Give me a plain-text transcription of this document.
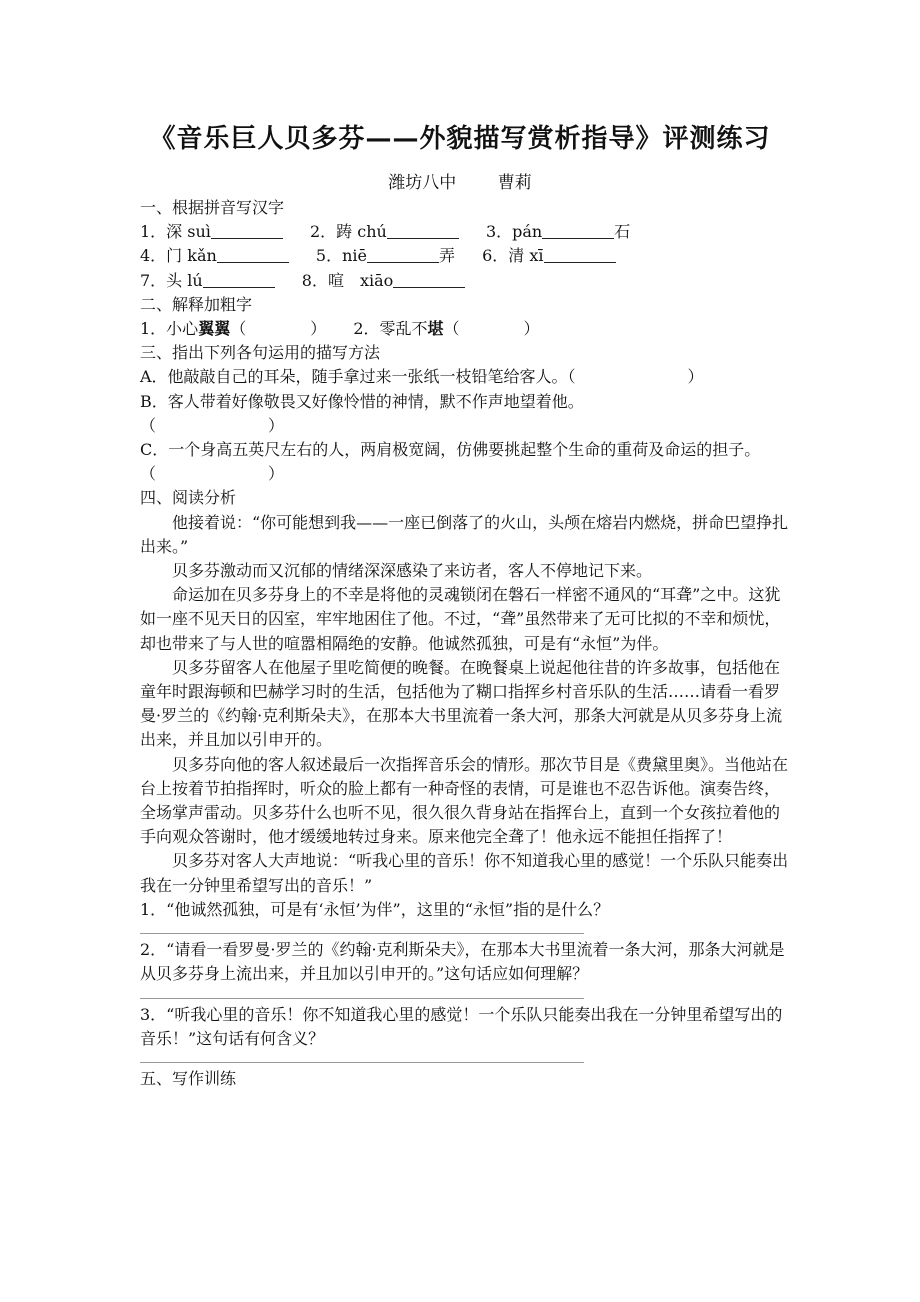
《音乐巨人贝多芬——外貌描写赏析指导》评测练习
潍坊八中 曹莉
一、根据拼音写汉字
1．深 suì	2．踌 chú	3．pán	石
4．门 kǎn	5．niē	弄 6．清 xī
7．头 lú	8．喧　xiāo
二、解释加粗字
1．小心翼翼（　　　　） 2．零乱不堪（　　　　）
三、指出下列各句运用的描写方法
A．他敲敲自己的耳朵，随手拿过来一张纸一枝铅笔给客人。（　　　　　　　）
B．客人带着好像敬畏又好像怜惜的神情，默不作声地望着他。
（　　　　　　　）
C．一个身高五英尺左右的人，两肩极宽阔，仿佛要挑起整个生命的重荷及命运的担子。　　（　　　　　　　）
四、阅读分析
他接着说：“你可能想到我——一座已倒落了的火山，头颅在熔岩内燃烧，拼命巴望挣扎出来。”
贝多芬激动而又沉郁的情绪深深感染了来访者，客人不停地记下来。
命运加在贝多芬身上的不幸是将他的灵魂锁闭在磐石一样密不通风的“耳聋”之中。这犹如一座不见天日的囚室，牢牢地困住了他。不过，“聋”虽然带来了无可比拟的不幸和烦忧，却也带来了与人世的喧嚣相隔绝的安静。他诚然孤独，可是有“永恒”为伴。
贝多芬留客人在他屋子里吃简便的晚餐。在晚餐桌上说起他往昔的许多故事，包括他在童年时跟海顿和巴赫学习时的生活，包括他为了糊口指挥乡村音乐队的生活……请看一看罗曼·罗兰的《约翰·克利斯朵夫》，在那本大书里流着一条大河，那条大河就是从贝多芬身上流出来，并且加以引申开的。
贝多芬向他的客人叙述最后一次指挥音乐会的情形。那次节目是《费黛里奥》。当他站在台上按着节拍指挥时，听众的脸上都有一种奇怪的表情，可是谁也不忍告诉他。演奏告终，全场掌声雷动。贝多芬什么也听不见，很久很久背身站在指挥台上，直到一个女孩拉着他的手向观众答谢时，他才缓缓地转过身来。原来他完全聋了！他永远不能担任指挥了！
贝多芬对客人大声地说：“听我心里的音乐！你不知道我心里的感觉！一个乐队只能奏出我在一分钟里希望写出的音乐！”
1．“他诚然孤独，可是有‘永恒’为伴”，这里的“永恒”指的是什么？
2．“请看一看罗曼·罗兰的《约翰·克利斯朵夫》，在那本大书里流着一条大河，那条大河就是从贝多芬身上流出来，并且加以引申开的。”这句话应如何理解？
3．“听我心里的音乐！你不知道我心里的感觉！一个乐队只能奏出我在一分钟里希望写出的音乐！”这句话有何含义？
五、写作训练
